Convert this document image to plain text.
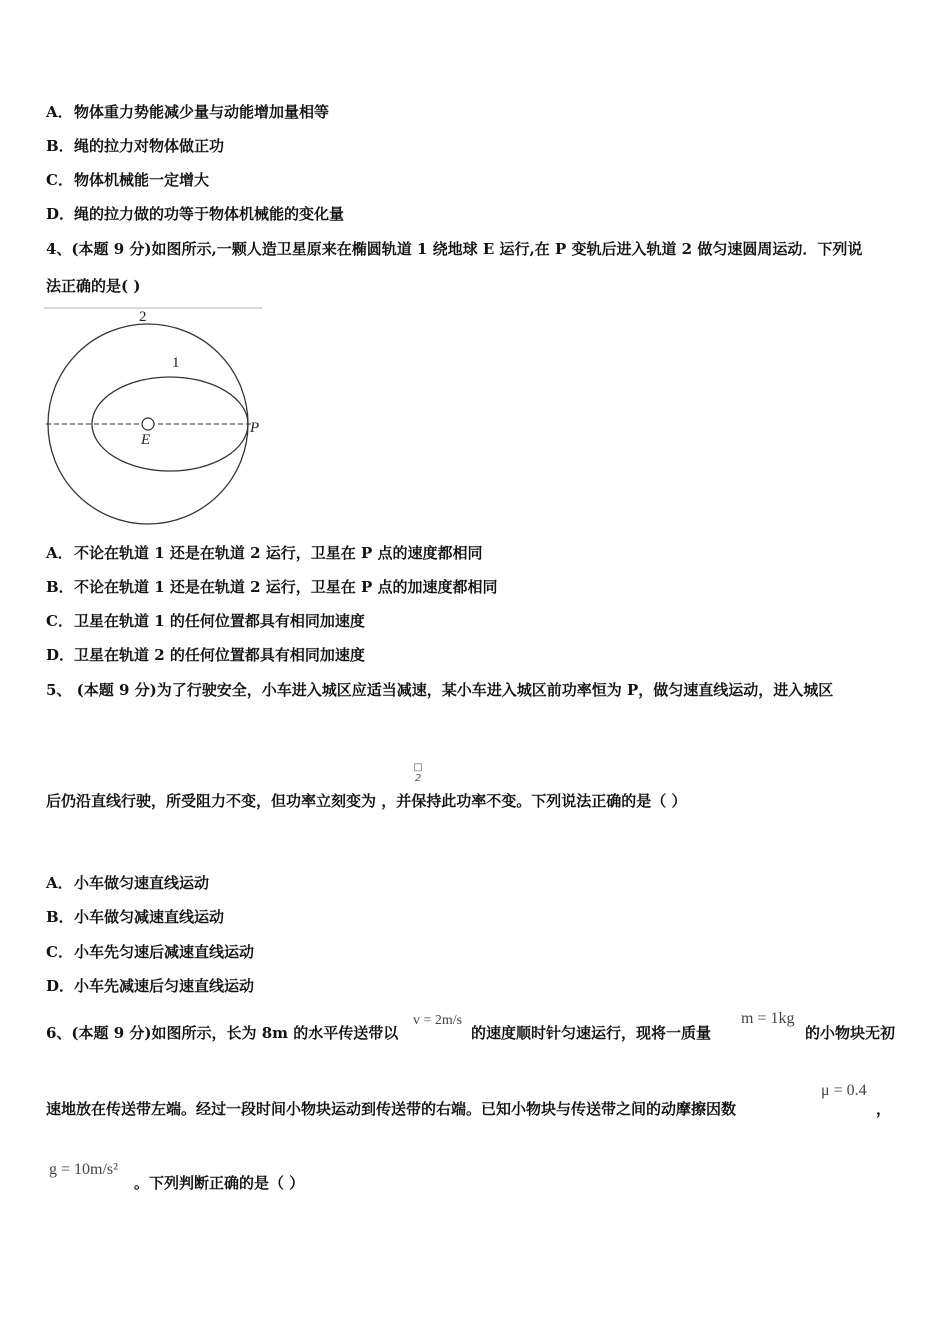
A．物体重力势能减少量与动能增加量相等
B．绳的拉力对物体做正功
C．物体机械能一定增大
D．绳的拉力做的功等于物体机械能的变化量
4、(本题 9 分)如图所示,一颗人造卫星原来在椭圆轨道 1 绕地球 E 运行,在 P 变轨后进入轨道 2 做匀速圆周运动．下列说
法正确的是( )
2
1
E
P
A．不论在轨道 1 还是在轨道 2 运行，卫星在 P 点的速度都相同
B．不论在轨道 1 还是在轨道 2 运行，卫星在 P 点的加速度都相同
C．卫星在轨道 1 的任何位置都具有相同加速度
D．卫星在轨道 2 的任何位置都具有相同加速度
5、 (本题 9 分)为了行驶安全，小车进入城区应适当减速，某小车进入城区前功率恒为 P，做匀速直线运动，进入城区
□
2
后仍沿直线行驶，所受阻力不变，但功率立刻变为 ，并保持此功率不变。下列说法正确的是（ ）
A．小车做匀速直线运动
B．小车做匀减速直线运动
C．小车先匀速后减速直线运动
D．小车先减速后匀速直线运动
6、(本题 9 分)如图所示，长为 8m 的水平传送带以
v = 2m/s
的速度顺时针匀速运行，现将一质量
m = 1kg
的小物块无初
速地放在传送带左端。经过一段时间小物块运动到传送带的右端。已知小物块与传送带之间的动摩擦因数
μ = 0.4
，
g = 10m/s²
。下列判断正确的是（ ）
